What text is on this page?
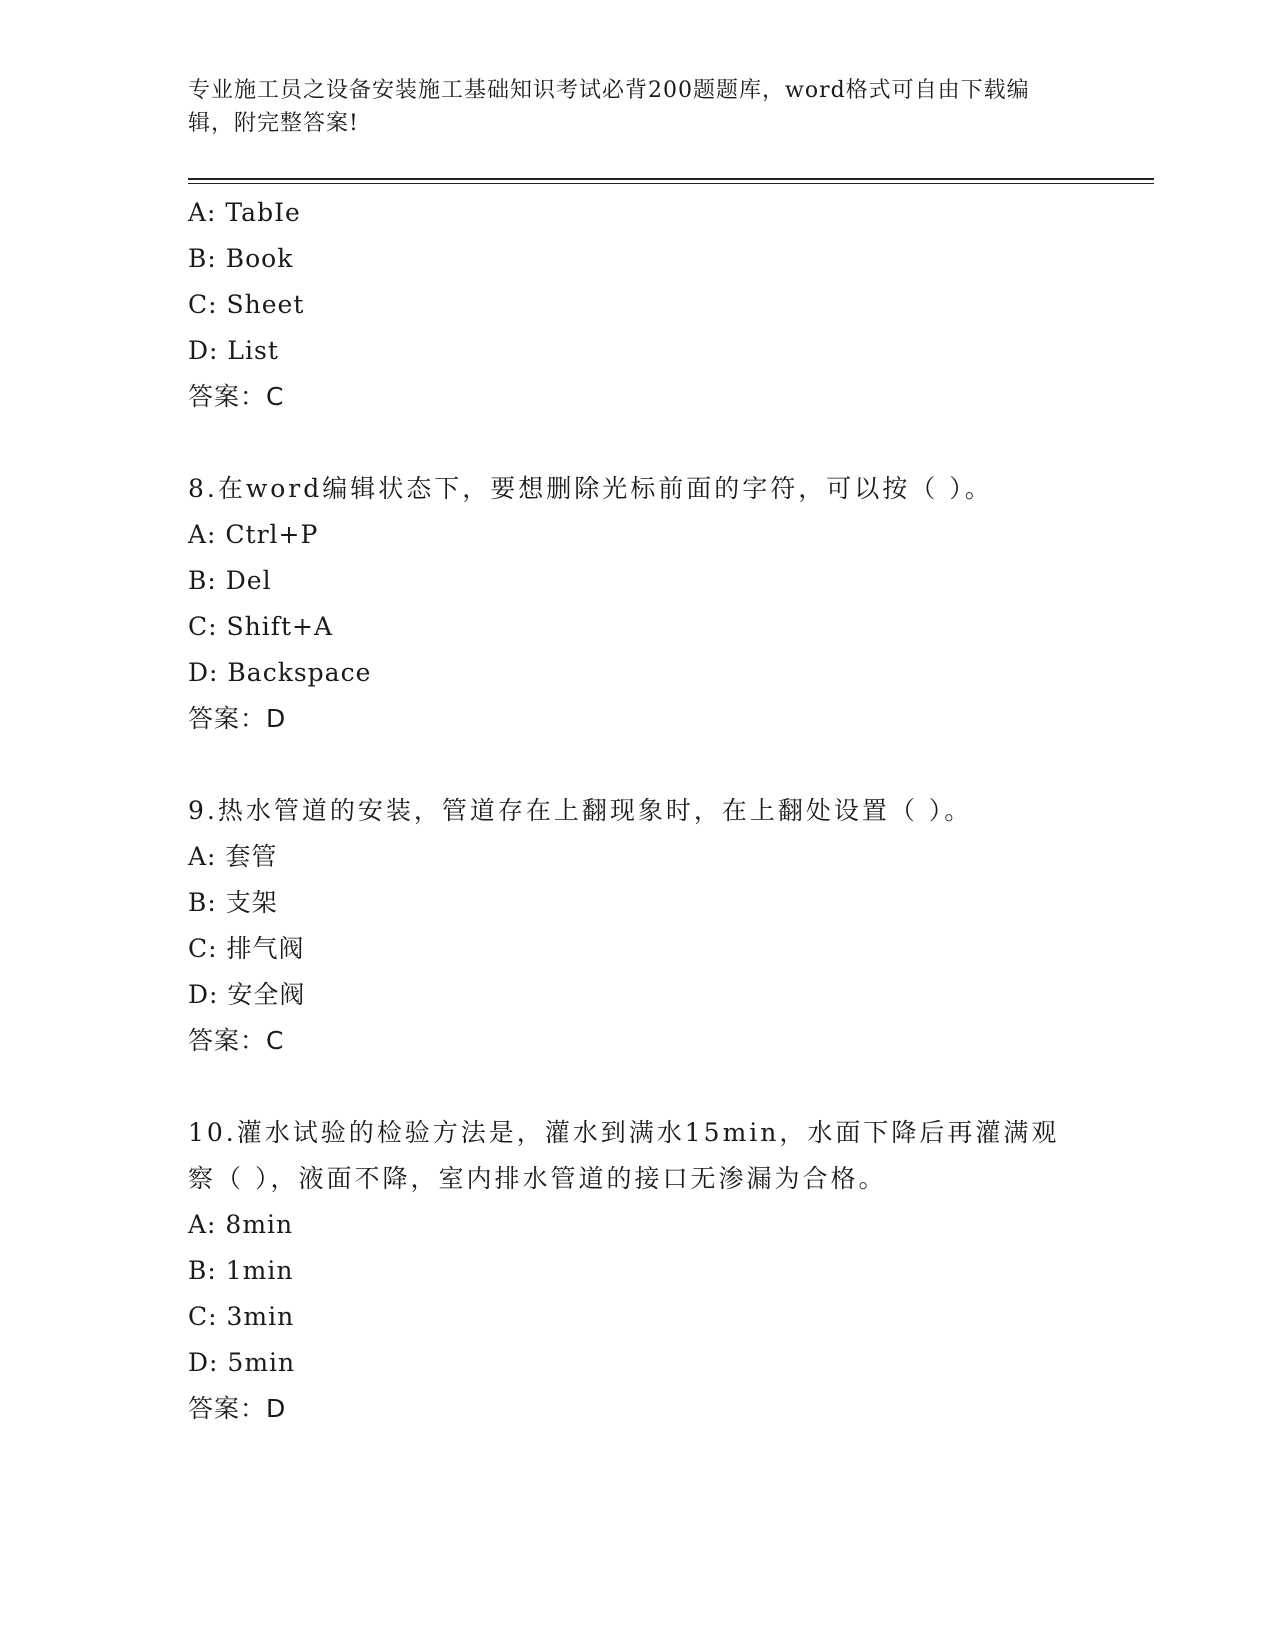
专业施工员之设备安装施工基础知识考试必背200题题库，word格式可自由下载编辑，附完整答案!
A: TabIe
B: Book
C: Sheet
D: List
答案：C
8.在word编辑状态下，要想删除光标前面的字符，可以按（ ）。
A: Ctrl+P
B: Del
C: Shift+A
D: Backspace
答案：D
9.热水管道的安装，管道存在上翻现象时，在上翻处设置（ ）。
A: 套管
B: 支架
C: 排气阀
D: 安全阀
答案：C
10.灌水试验的检验方法是，灌水到满水15min，水面下降后再灌满观察（ ），液面不降，室内排水管道的接口无渗漏为合格。
A: 8min
B: 1min
C: 3min
D: 5min
答案：D
